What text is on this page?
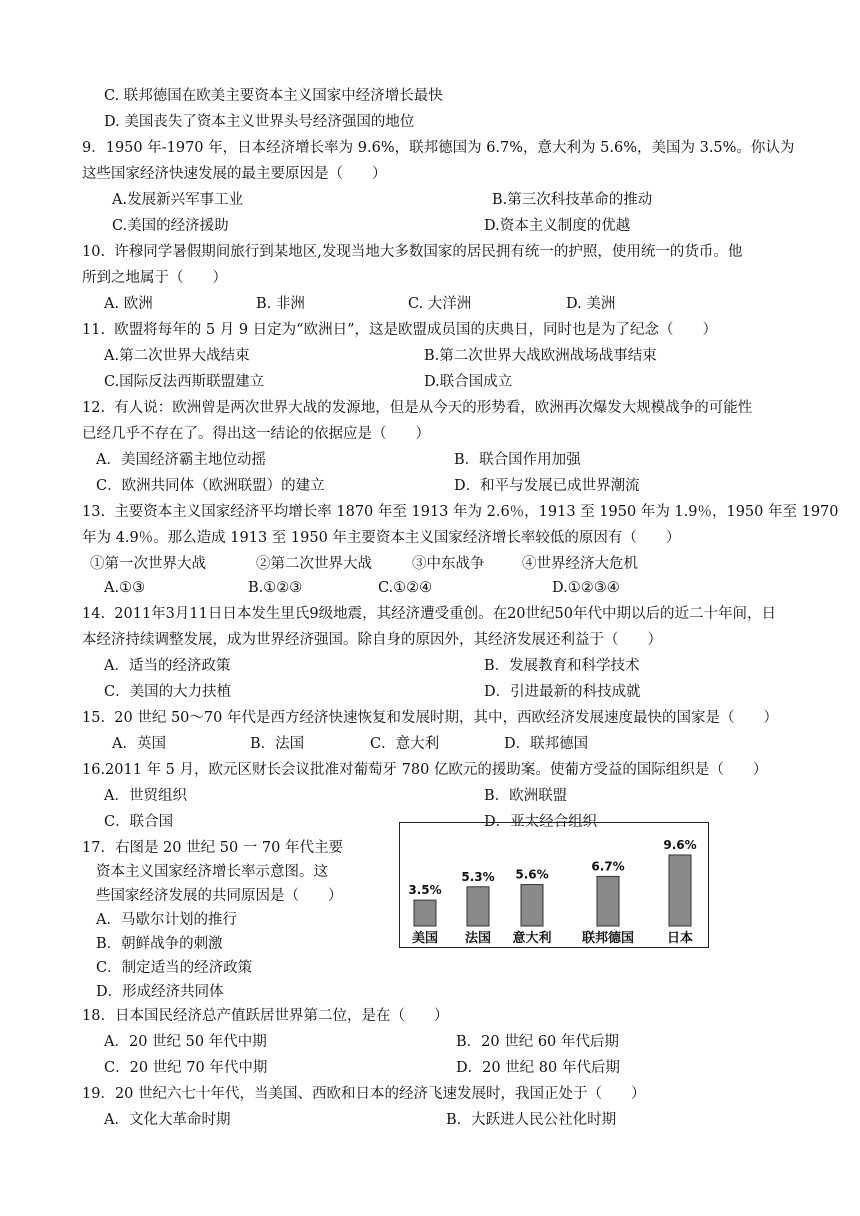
C. 联邦德国在欧美主要资本主义国家中经济增长最快
D. 美国丧失了资本主义世界头号经济强国的地位
9．1950 年-1970 年，日本经济增长率为 9.6%，联邦德国为 6.7%，意大利为 5.6%，美国为 3.5%。你认为
这些国家经济快速发展的最主要原因是（　　）
A.发展新兴军事工业	B.第三次科技革命的推动
C.美国的经济援助	D.资本主义制度的优越
10.  许穆同学暑假期间旅行到某地区,发现当地大多数国家的居民拥有统一的护照，使用统一的货币。他
所到之地属于（　　）
A. 欧洲	B. 非洲	C. 大洋洲	D. 美洲
11.  欧盟将每年的 5 月 9 日定为“欧洲日”，这是欧盟成员国的庆典日，同时也是为了纪念（　　）
A.第二次世界大战结束	B.第二次世界大战欧洲战场战事结束
C.国际反法西斯联盟建立	D.联合国成立
12.  有人说：欧洲曾是两次世界大战的发源地，但是从今天的形势看，欧洲再次爆发大规模战争的可能性
已经几乎不存在了。得出这一结论的依据应是（　　）
A．美国经济霸主地位动摇	B．联合国作用加强
C．欧洲共同体（欧洲联盟）的建立	D．和平与发展已成世界潮流
13.  主要资本主义国家经济平均增长率 1870 年至 1913 年为 2.6％，1913 至 1950 年为 1.9％，1950 年至 1970
年为 4.9％。那么造成 1913 至 1950 年主要资本主义国家经济增长率较低的原因有（　　）
①第一次世界大战	②第二次世界大战	③中东战争	④世界经济大危机
A.①③	B.①②③	C.①②④	D.①②③④
14.  2011年3月11日日本发生里氏9级地震，其经济遭受重创。在20世纪50年代中期以后的近二十年间，日
本经济持续调整发展，成为世界经济强国。除自身的原因外，其经济发展还利益于（　　）
A．适当的经济政策	B．发展教育和科学技术
C．美国的大力扶植	D．引进最新的科技成就
15.  20 世纪 50～70 年代是西方经济快速恢复和发展时期，其中，西欧经济发展速度最快的国家是（　　）
A．英国	B．法国	C．意大利	D．联邦德国
16.2011 年 5 月，欧元区财长会议批准对葡萄牙 780 亿欧元的援助案。使葡方受益的国际组织是（　　）
A．世贸组织	B．欧洲联盟
C．联合国	D．亚太经合组织
17．右图是 20 世纪 50 一 70 年代主要
资本主义国家经济增长率示意图。这
些国家经济发展的共同原因是（　　）
A．马歇尔计划的推行
B．朝鲜战争的刺激
C．制定适当的经济政策
D．形成经济共同体
18．日本国民经济总产值跃居世界第二位，是在（　　）
A．20 世纪 50 年代中期	B．20 世纪 60 年代后期
C．20 世纪 70 年代中期	D．20 世纪 80 年代后期
19．20 世纪六七十年代，当美国、西欧和日本的经济飞速发展时，我国正处于（　　）
A．文化大革命时期	B．大跃进人民公社化时期
3.5%
美国
5.3%
法国
5.6%
意大利
6.7%
联邦德国
9.6%
日本
